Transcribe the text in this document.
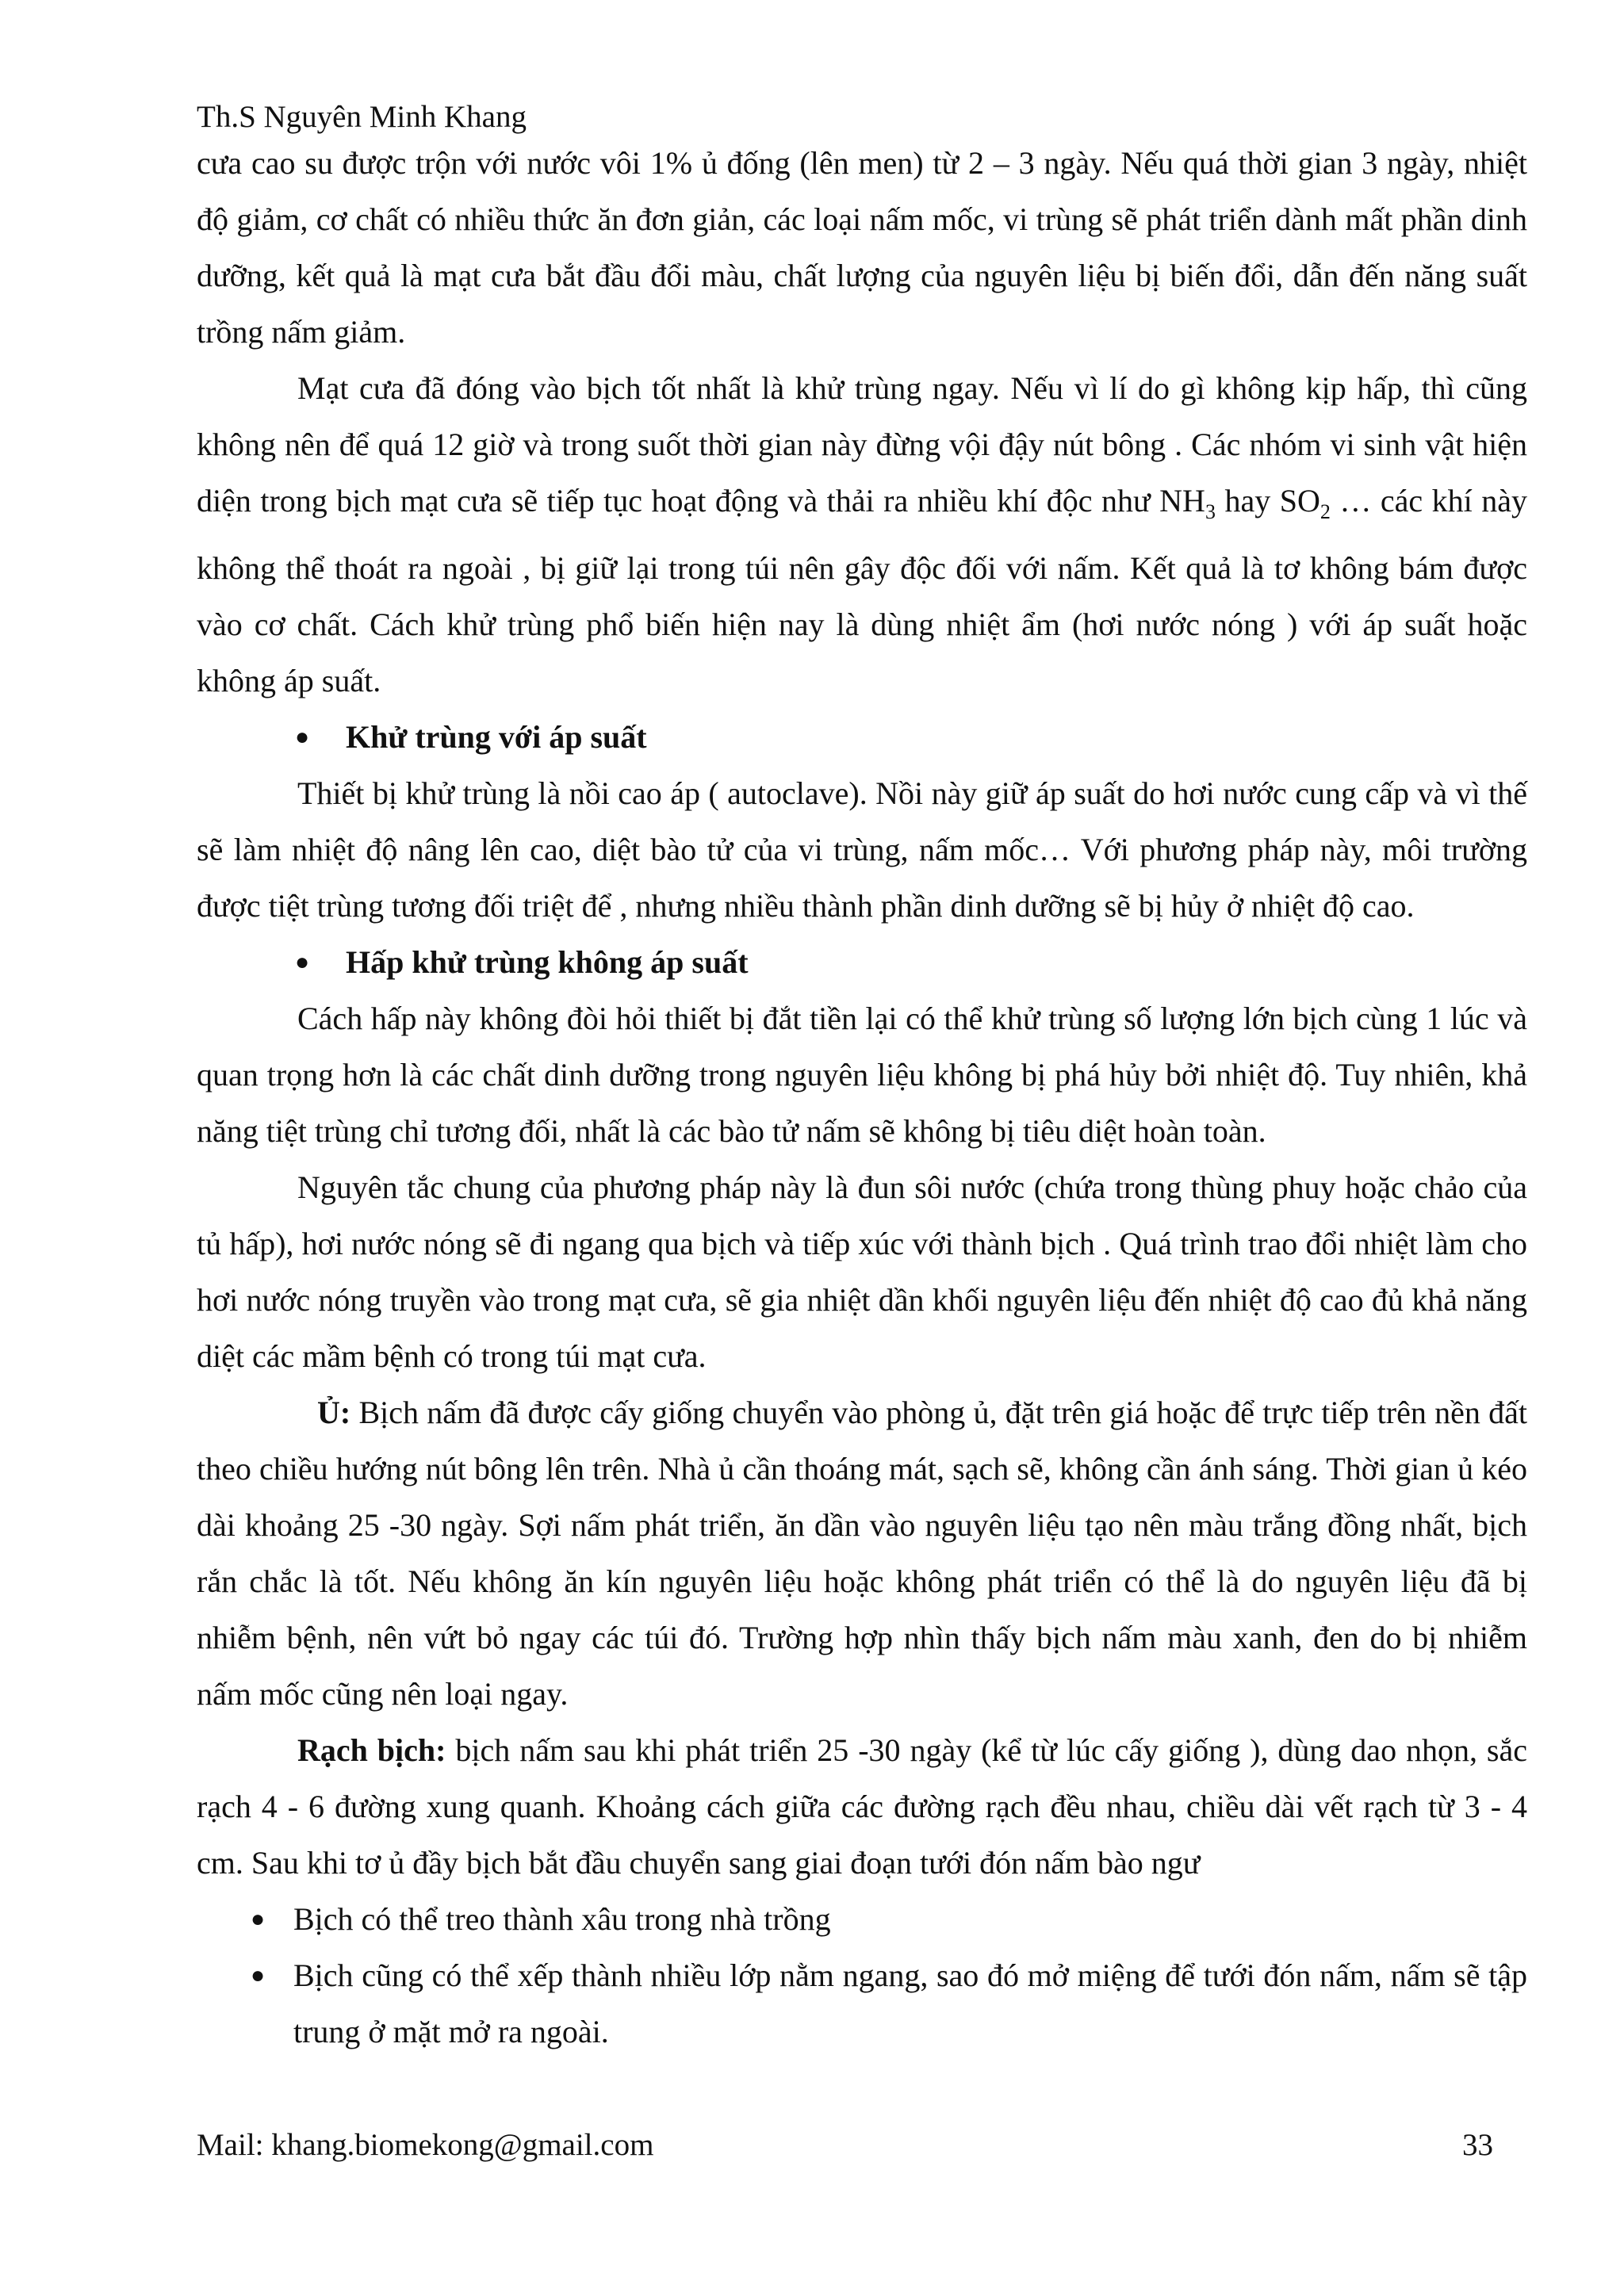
Th.S Nguyên Minh Khang

cưa cao su được trộn với nước vôi 1% ủ đống (lên men) từ 2 – 3 ngày. Nếu quá thời gian 3 ngày, nhiệt độ giảm, cơ chất có nhiều thức ăn đơn giản, các loại nấm mốc, vi trùng sẽ phát triển dành mất phần dinh dưỡng, kết quả là mạt cưa bắt đầu đổi màu, chất lượng của nguyên liệu bị biến đổi, dẫn đến năng suất trồng nấm giảm.

Mạt cưa đã đóng vào bịch tốt nhất là khử trùng ngay. Nếu vì lí do gì không kịp hấp, thì cũng không nên để quá 12 giờ và trong suốt thời gian này đừng vội đậy nút bông . Các nhóm vi sinh vật hiện diện trong bịch mạt cưa sẽ tiếp tục hoạt động và thải ra nhiều khí độc như $NH_3$ hay $SO_2$ … các khí này không thể thoát ra ngoài , bị giữ lại trong túi nên gây độc đối với nấm. Kết quả là tơ không bám được vào cơ chất. Cách khử trùng phổ biến hiện nay là dùng nhiệt ẩm (hơi nước nóng ) với áp suất hoặc không áp suất.

● Khử trùng với áp suất

Thiết bị khử trùng là nồi cao áp ( autoclave). Nồi này giữ áp suất do hơi nước cung cấp và vì thế sẽ làm nhiệt độ nâng lên cao, diệt bào tử của vi trùng, nấm mốc… Với phương pháp này, môi trường được tiệt trùng tương đối triệt để , nhưng nhiều thành phần dinh dưỡng sẽ bị hủy ở nhiệt độ cao.

● Hấp khử trùng không áp suất

Cách hấp này không đòi hỏi thiết bị đắt tiền lại có thể khử trùng số lượng lớn bịch cùng 1 lúc và quan trọng hơn là các chất dinh dưỡng trong nguyên liệu không bị phá hủy bởi nhiệt độ. Tuy nhiên, khả năng tiệt trùng chỉ tương đối, nhất là các bào tử nấm sẽ không bị tiêu diệt hoàn toàn.

Nguyên tắc chung của phương pháp này là đun sôi nước (chứa trong thùng phuy hoặc chảo của tủ hấp), hơi nước nóng sẽ đi ngang qua bịch và tiếp xúc với thành bịch . Quá trình trao đổi nhiệt làm cho hơi nước nóng truyền vào trong mạt cưa, sẽ gia nhiệt dần khối nguyên liệu đến nhiệt độ cao đủ khả năng diệt các mầm bệnh có trong túi mạt cưa.

Ủ: Bịch nấm đã được cấy giống chuyển vào phòng ủ, đặt trên giá hoặc để trực tiếp trên nền đất theo chiều hướng nút bông lên trên. Nhà ủ cần thoáng mát, sạch sẽ, không cần ánh sáng. Thời gian ủ kéo dài khoảng 25 -30 ngày. Sợi nấm phát triển, ăn dần vào nguyên liệu tạo nên màu trắng đồng nhất, bịch rắn chắc là tốt. Nếu không ăn kín nguyên liệu hoặc không phát triển có thể là do nguyên liệu đã bị nhiễm bệnh, nên vứt bỏ ngay các túi đó. Trường hợp nhìn thấy bịch nấm màu xanh, đen do bị nhiễm nấm mốc cũng nên loại ngay.

Rạch bịch: bịch nấm sau khi phát triển 25 -30 ngày (kể từ lúc cấy giống ), dùng dao nhọn, sắc rạch 4 - 6 đường xung quanh. Khoảng cách giữa các đường rạch đều nhau, chiều dài vết rạch từ 3 - 4 cm. Sau khi tơ ủ đầy bịch bắt đầu chuyển sang giai đoạn tưới đón nấm bào ngư

● Bịch có thể treo thành xâu trong nhà trồng

● Bịch cũng có thể xếp thành nhiều lớp nằm ngang, sao đó mở miệng để tưới đón nấm, nấm sẽ tập trung ở mặt mở ra ngoài.

Mail: khang.biomekong@gmail.com	33
